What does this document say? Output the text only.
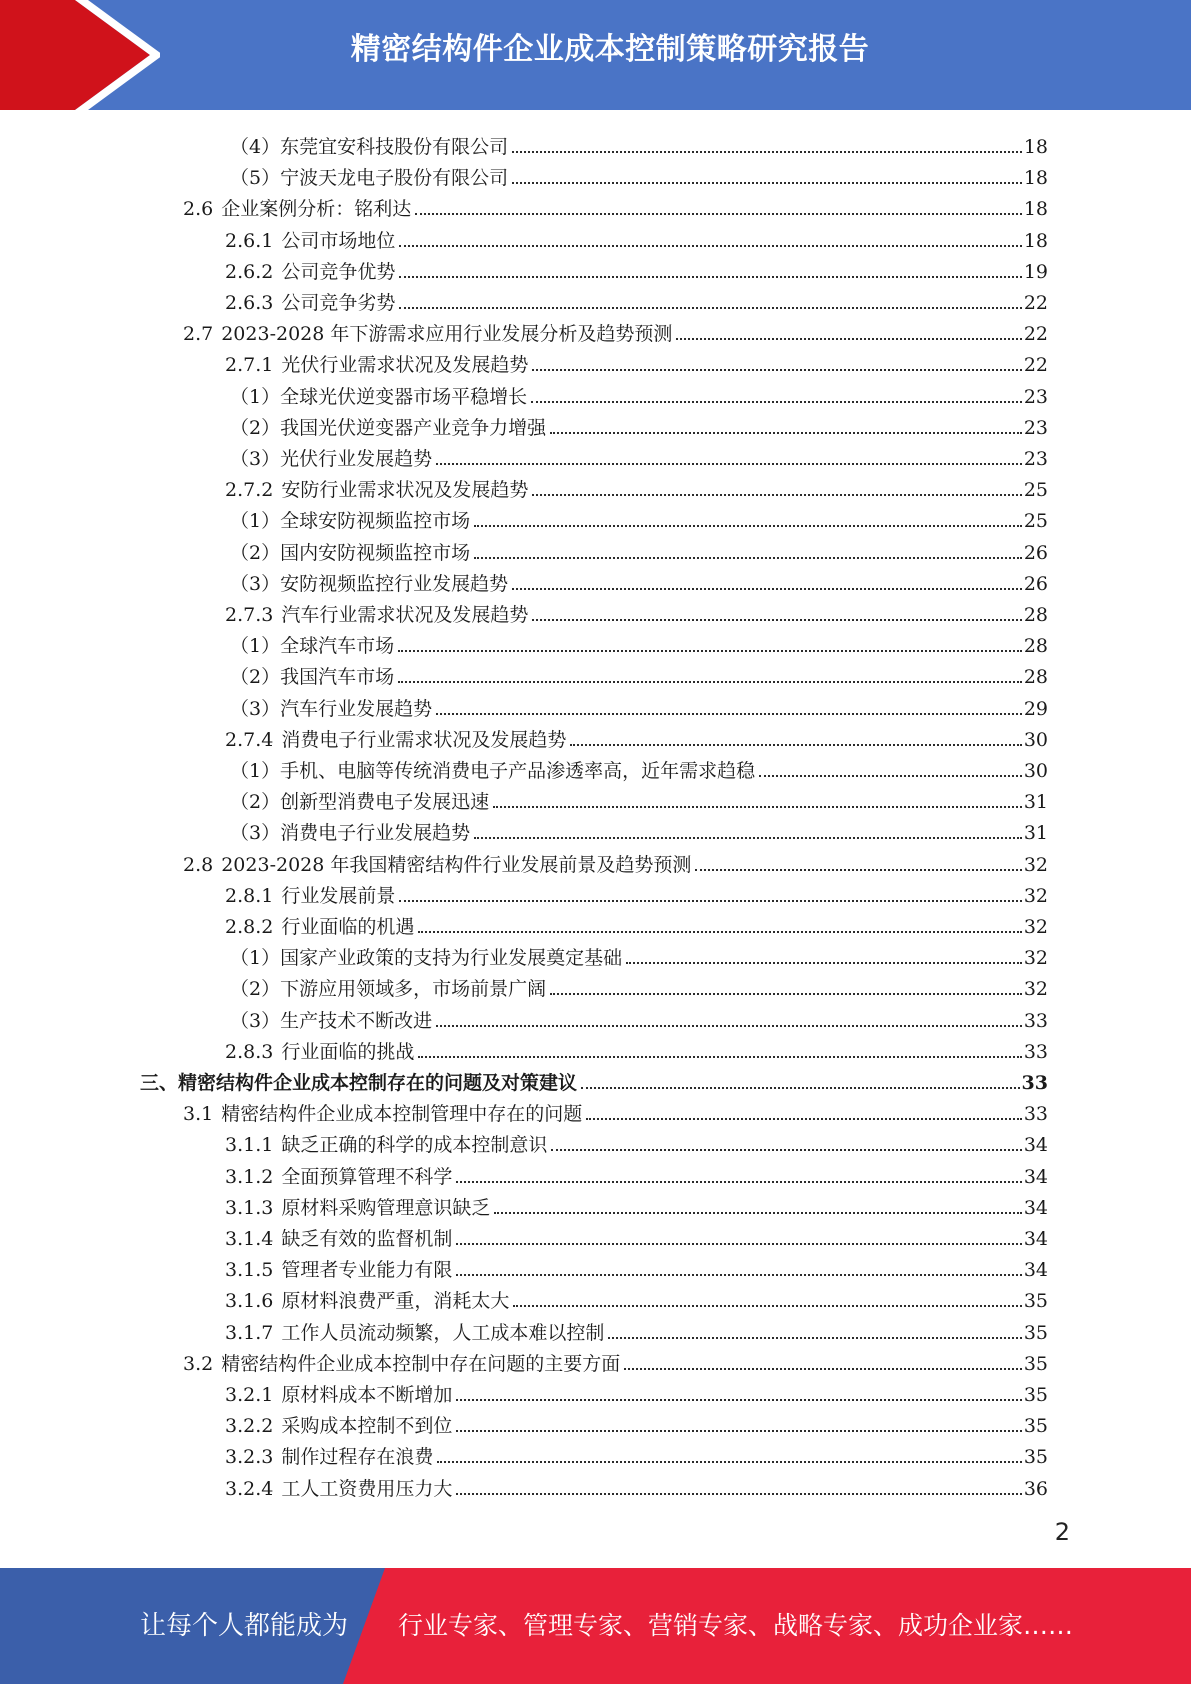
精密结构件企业成本控制策略研究报告
（4）东莞宜安科技股份有限公司	18
（5）宁波天龙电子股份有限公司	18
2.6 企业案例分析：铭利达	18
2.6.1 公司市场地位	18
2.6.2 公司竞争优势	19
2.6.3 公司竞争劣势	22
2.7 2023-2028 年下游需求应用行业发展分析及趋势预测	22
2.7.1 光伏行业需求状况及发展趋势	22
（1）全球光伏逆变器市场平稳增长	23
（2）我国光伏逆变器产业竞争力增强	23
（3）光伏行业发展趋势	23
2.7.2 安防行业需求状况及发展趋势	25
（1）全球安防视频监控市场	25
（2）国内安防视频监控市场	26
（3）安防视频监控行业发展趋势	26
2.7.3 汽车行业需求状况及发展趋势	28
（1）全球汽车市场	28
（2）我国汽车市场	28
（3）汽车行业发展趋势	29
2.7.4 消费电子行业需求状况及发展趋势	30
（1）手机、电脑等传统消费电子产品渗透率高，近年需求趋稳	30
（2）创新型消费电子发展迅速	31
（3）消费电子行业发展趋势	31
2.8 2023-2028 年我国精密结构件行业发展前景及趋势预测	32
2.8.1 行业发展前景	32
2.8.2 行业面临的机遇	32
（1）国家产业政策的支持为行业发展奠定基础	32
（2）下游应用领域多，市场前景广阔	32
（3）生产技术不断改进	33
2.8.3 行业面临的挑战	33
三、精密结构件企业成本控制存在的问题及对策建议	33
3.1 精密结构件企业成本控制管理中存在的问题	33
3.1.1 缺乏正确的科学的成本控制意识	34
3.1.2 全面预算管理不科学	34
3.1.3 原材料采购管理意识缺乏	34
3.1.4 缺乏有效的监督机制	34
3.1.5 管理者专业能力有限	34
3.1.6 原材料浪费严重，消耗太大	35
3.1.7 工作人员流动频繁，人工成本难以控制	35
3.2 精密结构件企业成本控制中存在问题的主要方面	35
3.2.1 原材料成本不断增加	35
3.2.2 采购成本控制不到位	35
3.2.3 制作过程存在浪费	35
3.2.4 工人工资费用压力大	36
2
让每个人都能成为 行业专家、管理专家、营销专家、战略专家、成功企业家……
